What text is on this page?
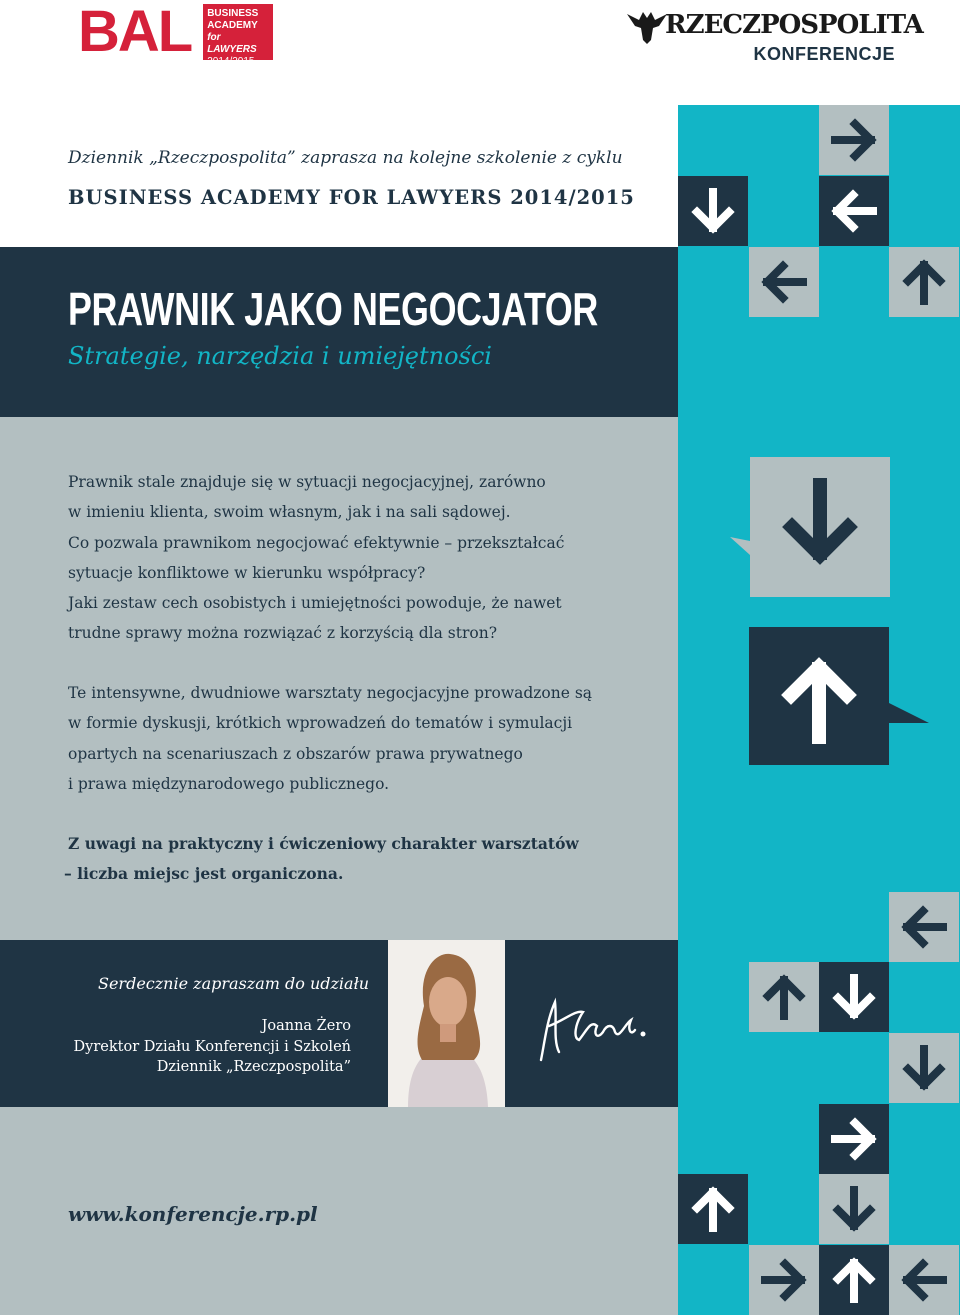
BAL BUSINESS
ACADEMY
for LAWYERS
2014/2015
RZECZPOSPOLITA
KONFERENCJE
Dziennik „Rzeczpospolita” zaprasza na kolejne szkolenie z cyklu
BUSINESS ACADEMY FOR LAWYERS 2014/2015
PRAWNIK JAKO NEGOCJATOR
Strategie, narzędzia i umiejętności
Prawnik stale znajduje się w sytuacji negocjacyjnej, zarówno
w imieniu klienta, swoim własnym, jak i na sali sądowej.
Co pozwala prawnikom negocjować efektywnie – przekształcać
sytuacje konfliktowe w kierunku współpracy?
Jaki zestaw cech osobistych i umiejętności powoduje, że nawet
trudne sprawy można rozwiązać z korzyścią dla stron?
Te intensywne, dwudniowe warsztaty negocjacyjne prowadzone są
w formie dyskusji, krótkich wprowadzeń do tematów i symulacji
opartych na scenariuszach z obszarów prawa prywatnego
i prawa międzynarodowego publicznego.
Z uwagi na praktyczny i ćwiczeniowy charakter warsztatów
– liczba miejsc jest organiczona.
Serdecznie zapraszam do udziału
Joanna Żero
Dyrektor Działu Konferencji i Szkoleń
Dziennik „Rzeczpospolita”
www.konferencje.rp.pl
